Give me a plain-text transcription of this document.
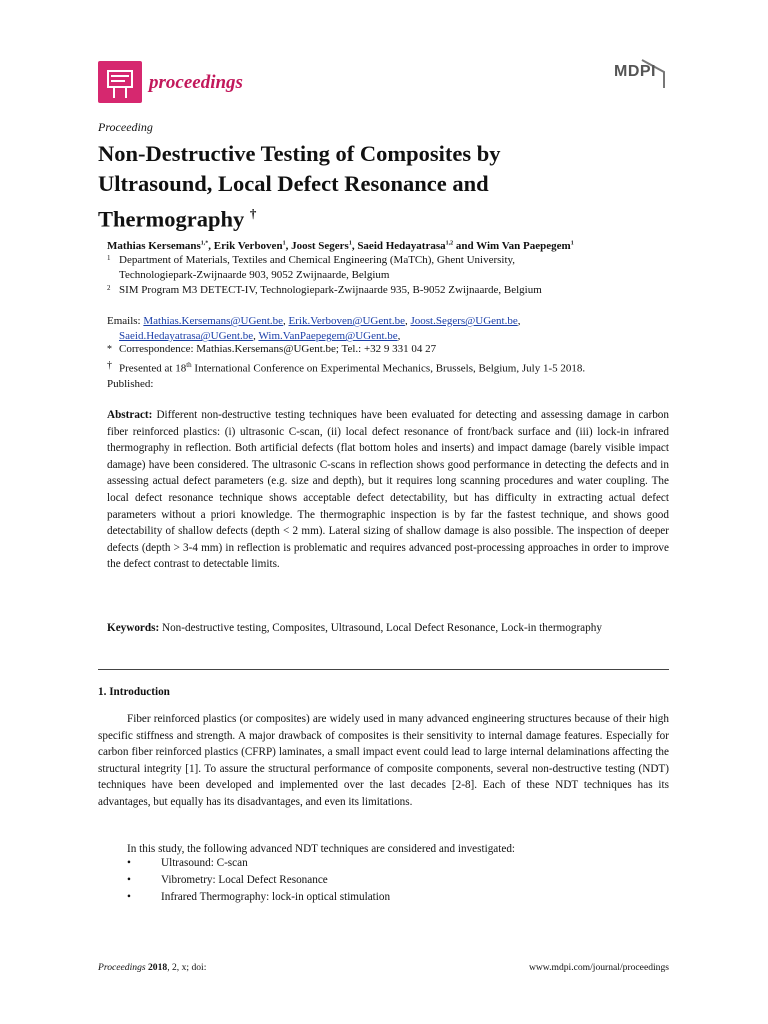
proceedings
MDPI
Proceeding
Non-Destructive Testing of Composites by
Ultrasound, Local Defect Resonance and
Thermography †
Mathias Kersemans$^{1,*}$, Erik Verboven$^1$, Joost Segers$^1$, Saeid Hedayatrasa$^{1,2}$ and Wim Van Paepegem$^1$
1 Department of Materials, Textiles and Chemical Engineering (MaTCh), Ghent University,
Technologiepark-Zwijnaarde 903, 9052 Zwijnaarde, Belgium
2 SIM Program M3 DETECT-IV, Technologiepark-Zwijnaarde 935, B-9052 Zwijnaarde, Belgium
Emails: Mathias.Kersemans@UGent.be, Erik.Verboven@UGent.be, Joost.Segers@UGent.be,
Saeid.Hedayatrasa@UGent.be, Wim.VanPaepegem@UGent.be,
* Correspondence: Mathias.Kersemans@UGent.be; Tel.: +32 9 331 04 27
† Presented at 18th International Conference on Experimental Mechanics, Brussels, Belgium, July 1-5 2018.
Published:
Abstract: Different non-destructive testing techniques have been evaluated for detecting and assessing damage in carbon fiber reinforced plastics: (i) ultrasonic C-scan, (ii) local defect resonance of front/back surface and (iii) lock-in infrared thermography in reflection. Both artificial defects (flat bottom holes and inserts) and impact damage (barely visible impact damage) have been considered. The ultrasonic C-scans in reflection shows good performance in detecting the defects and in assessing actual defect parameters (e.g. size and depth), but it requires long scanning procedures and water coupling. The local defect resonance technique shows acceptable defect detectability, but has difficulty in extracting actual defect parameters without a priori knowledge. The thermographic inspection is by far the fastest technique, and shows good detectability of shallow defects (depth < 2 mm). Lateral sizing of shallow damage is also possible. The inspection of deeper defects (depth > 3-4 mm) in reflection is problematic and requires advanced post-processing approaches in order to improve the defect contrast to detectable limits.
Keywords: Non-destructive testing, Composites, Ultrasound, Local Defect Resonance, Lock-in thermography
1. Introduction
Fiber reinforced plastics (or composites) are widely used in many advanced engineering structures because of their high specific stiffness and strength. A major drawback of composites is their sensitivity to internal damage features. Especially for carbon fiber reinforced plastics (CFRP) laminates, a small impact event could lead to large internal delaminations affecting the structural integrity [1]. To assure the structural performance of composite components, several non-destructive testing (NDT) techniques have been developed and implemented over the last decades [2-8]. Each of these NDT techniques has its advantages, but equally has its disadvantages, and even its limitations.
In this study, the following advanced NDT techniques are considered and investigated:
•	Ultrasound: C-scan
•	Vibrometry: Local Defect Resonance
•	Infrared Thermography: lock-in optical stimulation
Proceedings 2018, 2, x; doi:	www.mdpi.com/journal/proceedings
